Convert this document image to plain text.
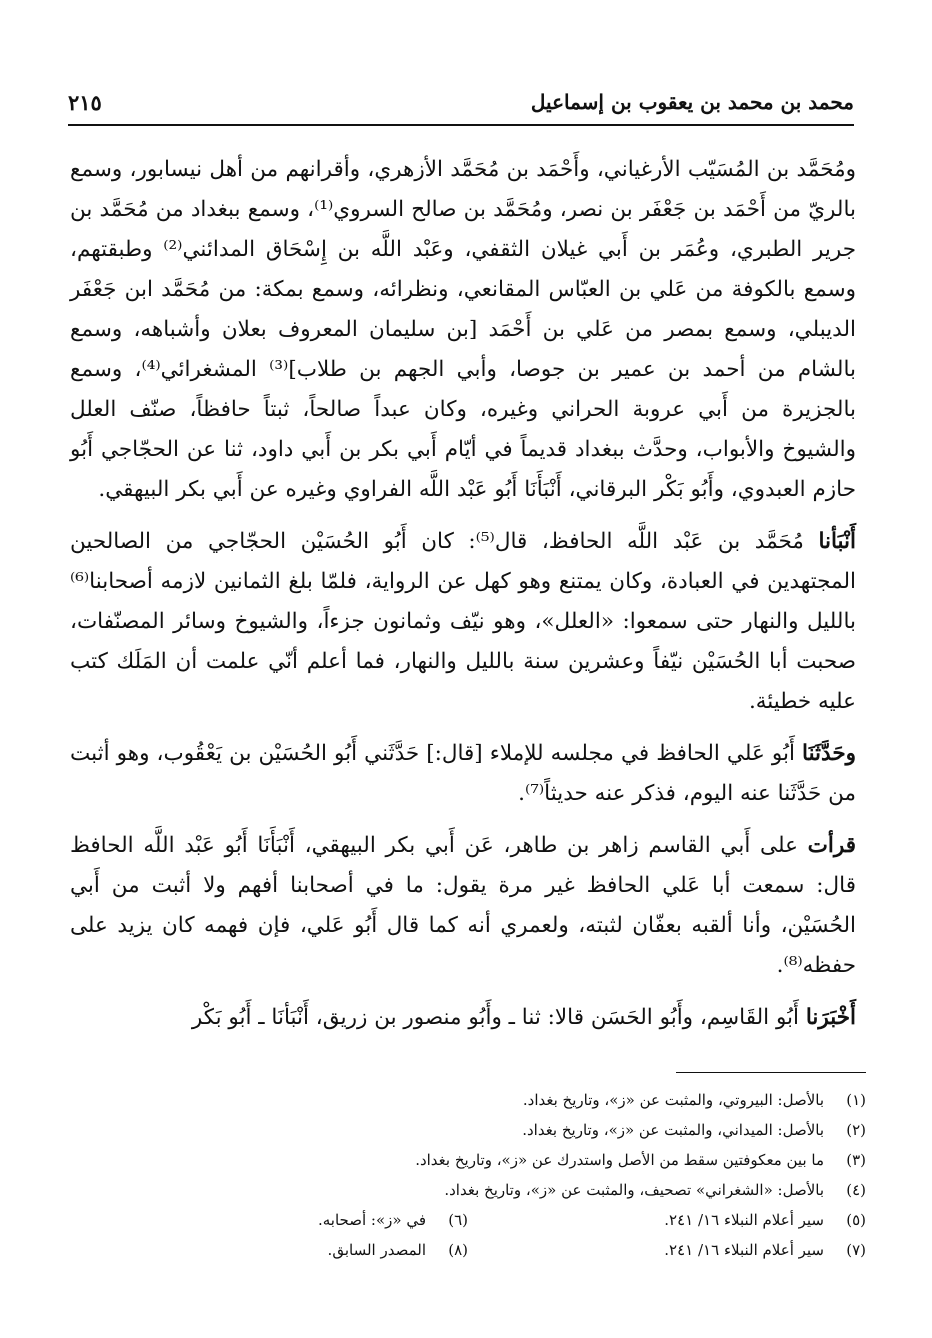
محمد بن محمد بن يعقوب بن إسماعيل
٢١٥

ومُحَمَّد بن المُسَيّب الأرغياني، وأَحْمَد بن مُحَمَّد الأزهري، وأقرانهم من أهل نيسابور، وسمع بالريّ من أَحْمَد بن جَعْفَر بن نصر، ومُحَمَّد بن صالح السروي⁽¹⁾، وسمع ببغداد من مُحَمَّد بن جرير الطبري، وعُمَر بن أَبي غيلان الثقفي، وعَبْد اللَّه بن إِسْحَاق المدائني⁽²⁾ وطبقتهم، وسمع بالكوفة من عَلي بن العبّاس المقانعي، ونظرائه، وسمع بمكة: من مُحَمَّد ابن جَعْفَر الديبلي، وسمع بمصر من عَلي بن أَحْمَد [بن سليمان المعروف بعلان وأشباهه، وسمع بالشام من أحمد بن عمير بن جوصا، وأبي الجهم بن طلاب]⁽³⁾ المشغرائي⁽⁴⁾، وسمع بالجزيرة من أَبي عروبة الحراني وغيره، وكان عبداً صالحاً، ثبتاً حافظاً، صنّف العلل والشيوخ والأبواب، وحدَّث ببغداد قديماً في أيّام أَبي بكر بن أَبي داود، ثنا عن الحجّاجي أَبُو حازم العبدوي، وأَبُو بَكْر البرقاني، أَنْبَأَنَا أَبُو عَبْد اللَّه الفراوي وغيره عن أَبي بكر البيهقي.

أَنْبَأنا مُحَمَّد بن عَبْد اللَّه الحافظ، قال⁽⁵⁾: كان أَبُو الحُسَيْن الحجّاجي من الصالحين المجتهدين في العبادة، وكان يمتنع وهو كهل عن الرواية، فلمّا بلغ الثمانين لازمه أصحابنا⁽⁶⁾ بالليل والنهار حتى سمعوا: «العلل»، وهو نيّف وثمانون جزءاً، والشيوخ وسائر المصنّفات، صحبت أبا الحُسَيْن نيّفاً وعشرين سنة بالليل والنهار، فما أعلم أنّي علمت أن المَلَك كتب عليه خطيئة.

وحَدَّثَنَا أَبُو عَلي الحافظ في مجلسه للإملاء [قال:] حَدَّثَني أَبُو الحُسَيْن بن يَعْقُوب، وهو أثبت من حَدَّثَنا عنه اليوم، فذكر عنه حديثاً⁽⁷⁾.

قرأت على أَبي القاسم زاهر بن طاهر، عَن أَبي بكر البيهقي، أَنْبَأَنَا أَبُو عَبْد اللَّه الحافظ قال: سمعت أبا عَلي الحافظ غير مرة يقول: ما في أصحابنا أفهم ولا أثبت من أَبي الحُسَيْن، وأنا ألقبه بعفّان لثبته، ولعمري أنه كما قال أَبُو عَلي، فإن فهمه كان يزيد على حفظه⁽⁸⁾.

أَخْبَرَنا أَبُو القَاسِم، وأَبُو الحَسَن قالا: ثنا ـ وأَبُو منصور بن زريق، أَنْبَأنَا ـ أَبُو بَكْر

(١)
بالأصل: البيروتي، والمثبت عن «ز»، وتاريخ بغداد.
(٢)
بالأصل: الميداني، والمثبت عن «ز»، وتاريخ بغداد.
(٣)
ما بين معكوفتين سقط من الأصل واستدرك عن «ز»، وتاريخ بغداد.
(٤)
بالأصل: «الشغراني» تصحيف، والمثبت عن «ز»، وتاريخ بغداد.
(٥)
سير أعلام النبلاء ١٦/ ٢٤١.
(٦)
في «ز»: أصحابه.
(٧)
سير أعلام النبلاء ١٦/ ٢٤١.
(٨)
المصدر السابق.
